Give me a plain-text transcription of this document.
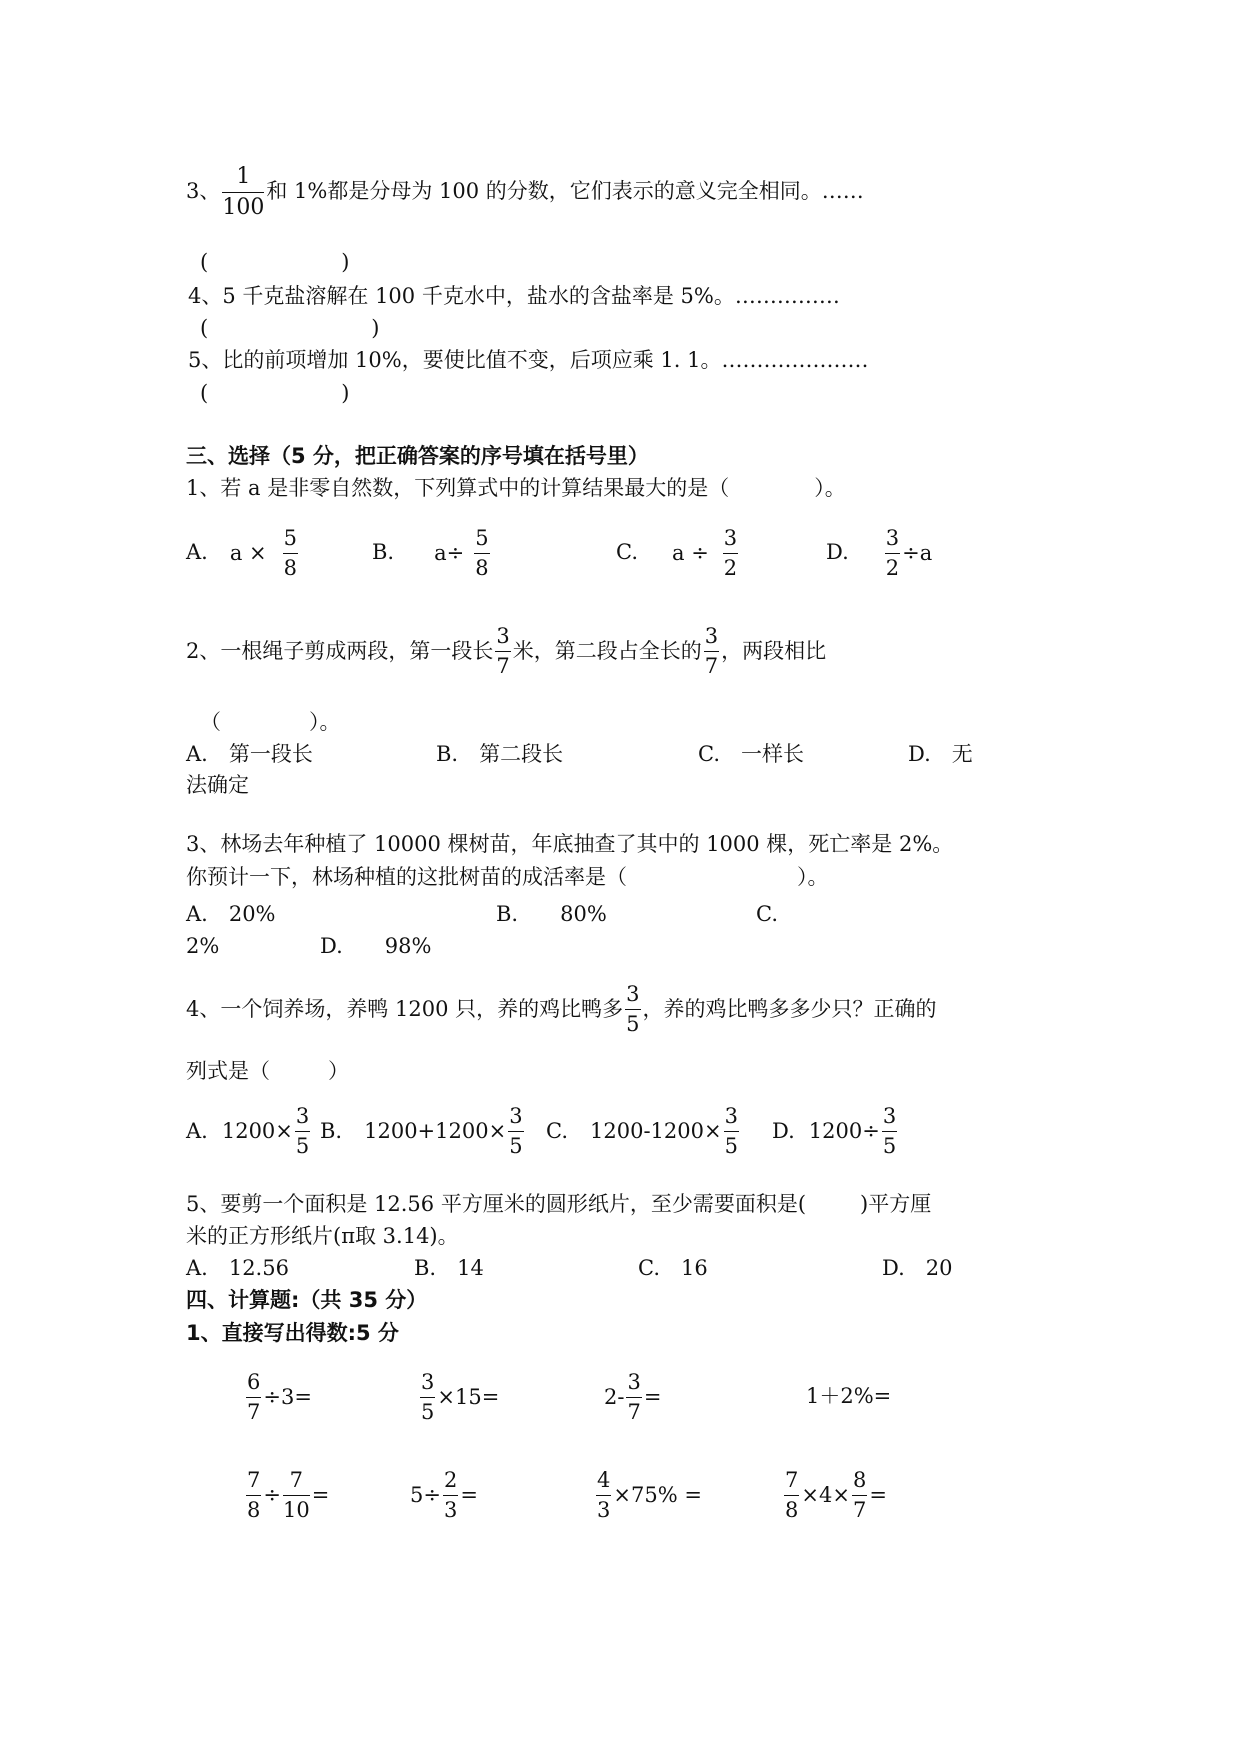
3、 $\frac{1}{100}$ 和 1%都是分母为 100 的分数，它们表示的意义完全相同。……
(	)
4、5 千克盐溶解在 100 千克水中，盐水的含盐率是 5%。……………
(	)
5、比的前项增加 10%，要使比值不变，后项应乘 1. 1。…………………
(	)
三、选择（5 分，把正确答案的序号填在括号里）
1、若 a 是非零自然数，下列算式中的计算结果最大的是（	）。
A. $a \times \frac{5}{8}$	B. $a\div \frac{5}{8}$	C. $a \div \frac{3}{2}$	D. $\frac{3}{2} \div a$
2、一根绳子剪成两段，第一段长 $\frac{3}{7}$ 米，第二段占全长的 $\frac{3}{7}$ ，两段相比
（	）。
A.　第一段长	B.　第二段长	C.　一样长	D.　无
法确定
3、林场去年种植了 10000 棵树苗，年底抽查了其中的 1000 棵，死亡率是 2%。
你预计一下，林场种植的这批树苗的成活率是（	）。
A.　20%	B.　　80%	C.
2%	D.　　98%
4、一个饲养场，养鸭 1200 只，养的鸡比鸭多 $\frac{3}{5}$ ，养的鸡比鸭多多少只？正确的
列式是（	）
A. $1200\times \frac{3}{5} B$. $1200+1200\times \frac{3}{5} C$. $1200-1200\times \frac{3}{5} D$. $1200\div \frac{3}{5}$
5、要剪一个面积是 12.56 平方厘米的圆形纸片，至少需要面积是(	)平方厘
米的正方形纸片(π取 3.14)。
A.　12.56	B.　14	C.　16	D.　20
四、计算题:（共 35 分）
1、直接写出得数:5 分
$\frac{6}{7} \div 3=$	$\frac{3}{5} \times 15=$	$2- \frac{3}{7}$ =	1＋2%=
$\frac{7}{8} \div \frac{7}{10}$ =	$5\div \frac{2}{3}$ =	$\frac{4}{3} \times 75\%$ =	$\frac{7}{8} \times 4\times \frac{8}{7}$ =
